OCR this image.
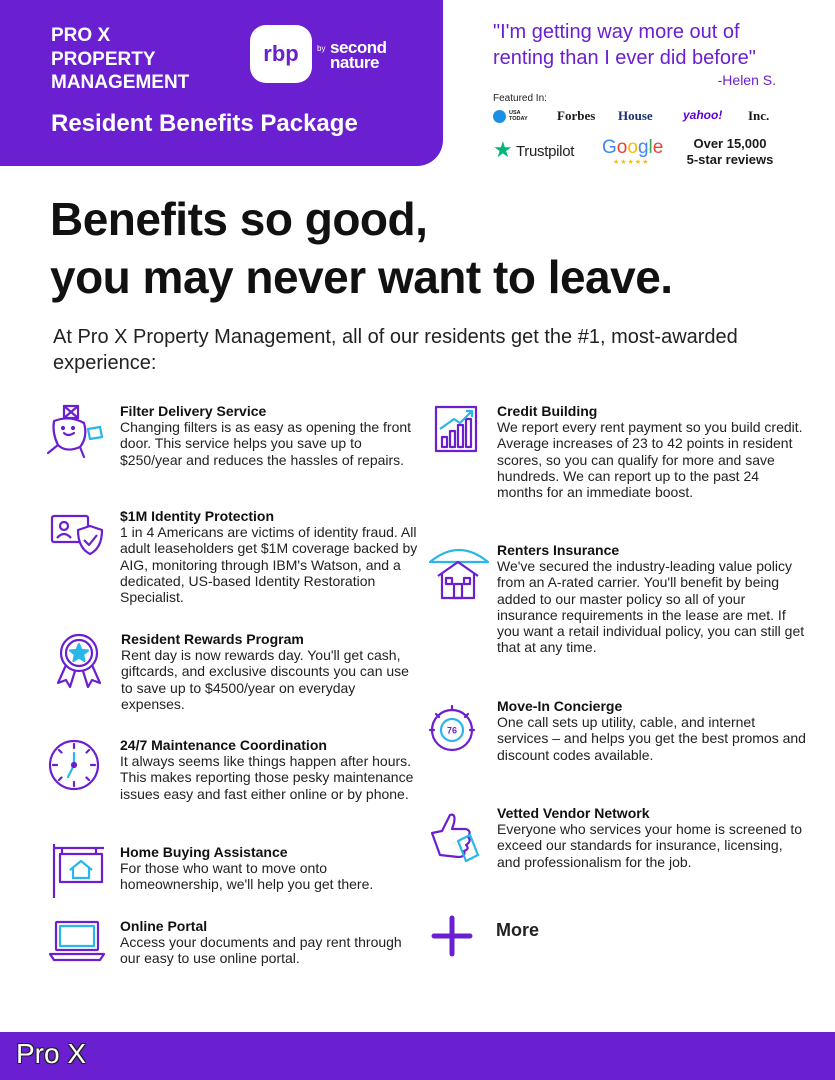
PRO X
PROPERTY
MANAGEMENT
rbp by second nature
Resident Benefits Package
"I'm getting way more out of renting than I ever did before"
-Helen S.
Featured In:
USA
TODAY	Forbes House	yahoo! Inc.
★ Trustpilot Google
★★★★★
Over 15,000
5-star reviews
Benefits so good,
you may never want to leave.
At Pro X Property Management, all of our residents get the #1, most-awarded experience:
Filter Delivery Service
Changing filters is as easy as opening the front door. This service helps you save up to $250/year and reduces the hassles of repairs.
$1M Identity Protection
1 in 4 Americans are victims of identity fraud. All adult leaseholders get $1M coverage backed by AIG, monitoring through IBM's Watson, and a dedicated, US-based Identity Restoration Specialist.
Resident Rewards Program
Rent day is now rewards day. You'll get cash, giftcards, and exclusive discounts you can use to save up to $4500/year on everyday expenses.
24/7 Maintenance Coordination
It always seems like things happen after hours. This makes reporting those pesky maintenance issues easy and fast either online or by phone.
Home Buying Assistance
For those who want to move onto homeownership, we'll help you get there.
Online Portal
Access your documents and pay rent through our easy to use online portal.
Credit Building
We report every rent payment so you build credit. Average increases of 23 to 42 points in resident scores, so you can qualify for more and save hundreds. We can report up to the past 24 months for an immediate boost.
Renters Insurance
We've secured the industry-leading value policy from an A-rated carrier. You'll benefit by being added to our master policy so all of your insurance requirements in the lease are met. If you want a retail individual policy, you can still get that at any time.
76
Move-In Concierge
One call sets up utility, cable, and internet services – and helps you get the best promos and discount codes available.
Vetted Vendor Network
Everyone who services your home is screened to exceed our standards for insurance, licensing, and professionalism for the job.
More
Pro X
